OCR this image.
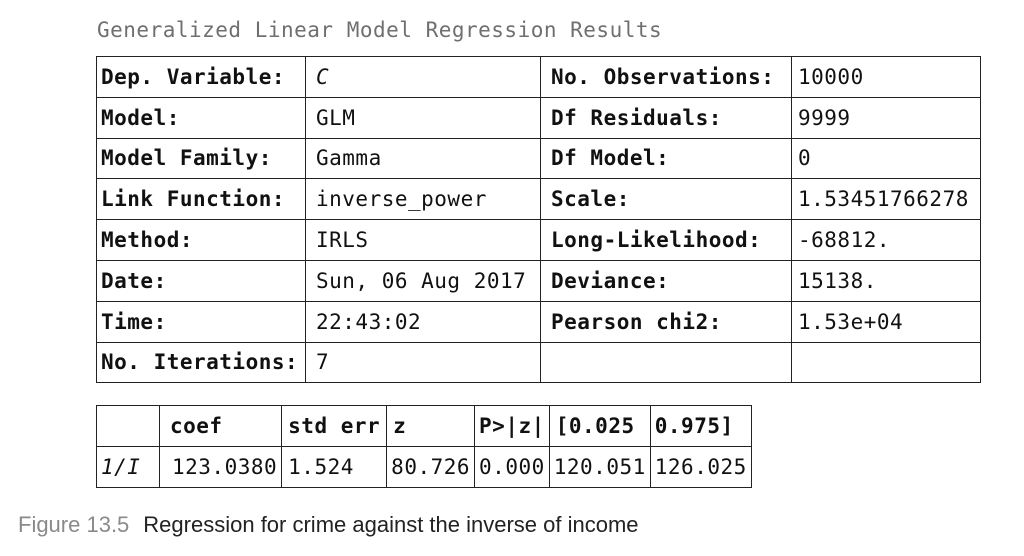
Generalized Linear Model Regression Results
Dep. Variable:	C	No. Observations:	10000
Model:	GLM	Df Residuals:	9999
Model Family:	Gamma	Df Model:	0
Link Function:	inverse_power	Scale:	1.53451766278
Method:	IRLS	Long-Likelihood:	-68812.
Date:	Sun, 06 Aug 2017	Deviance:	15138.
Time:	22:43:02	Pearson chi2:	1.53e+04
No. Iterations:	7		
	coef	std err	z	P>|z|	[0.025	0.975]
1/I	123.0380	1.524	80.726	0.000	120.051	126.025
Figure 13.5 Regression for crime against the inverse of income
